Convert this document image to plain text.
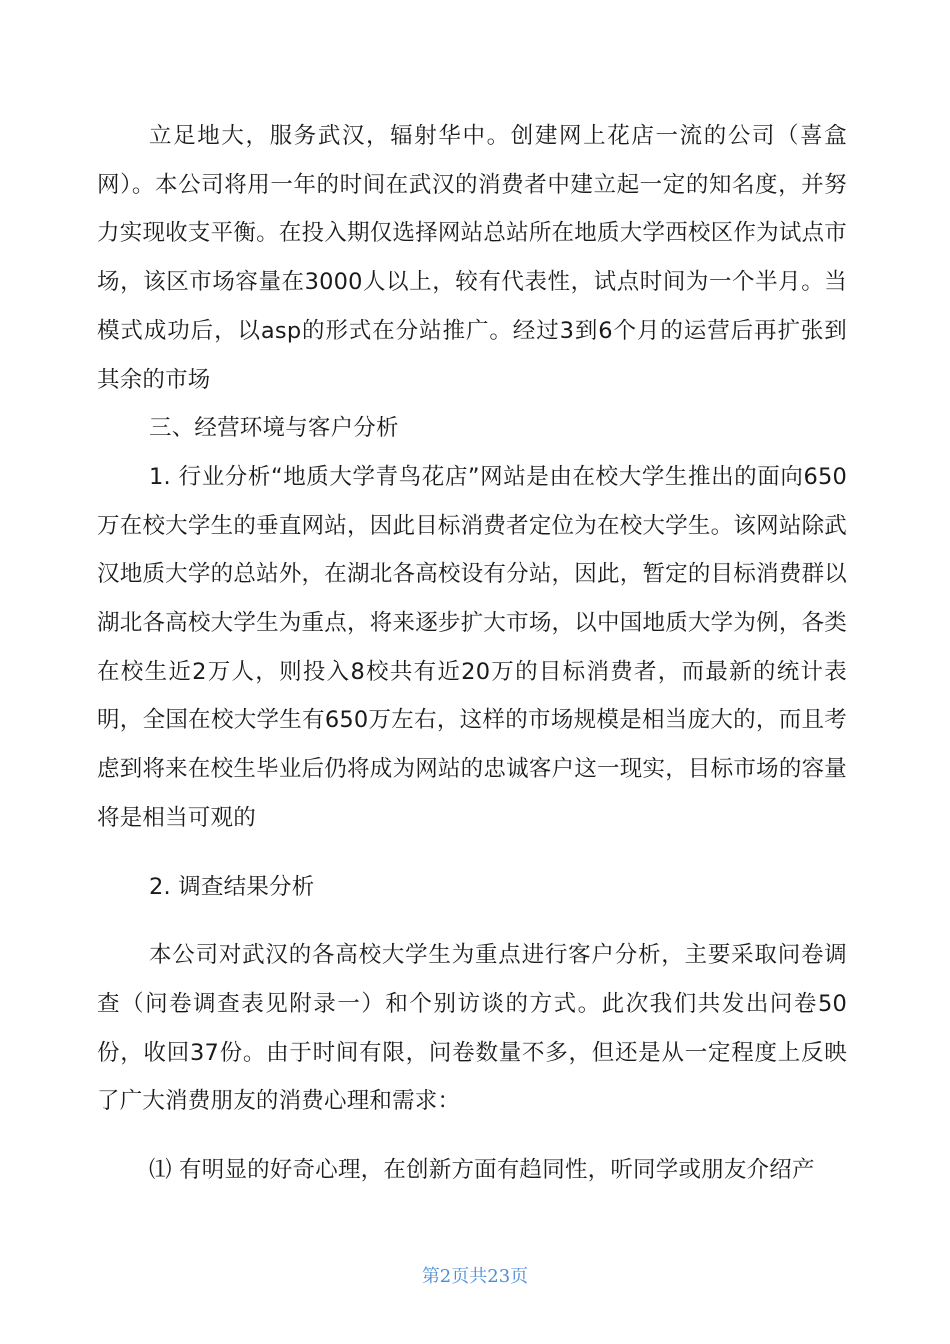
立足地大，服务武汉，辐射华中。创建网上花店一流的公司（喜盒网）。本公司将用一年的时间在武汉的消费者中建立起一定的知名度，并努力实现收支平衡。在投入期仅选择网站总站所在地质大学西校区作为试点市场，该区市场容量在3000人以上，较有代表性，试点时间为一个半月。当模式成功后，以asp的形式在分站推广。经过3到6个月的运营后再扩张到其余的市场

三、经营环境与客户分析

1. 行业分析“地质大学青鸟花店”网站是由在校大学生推出的面向650万在校大学生的垂直网站，因此目标消费者定位为在校大学生。该网站除武汉地质大学的总站外，在湖北各高校设有分站，因此，暂定的目标消费群以湖北各高校大学生为重点，将来逐步扩大市场，以中国地质大学为例，各类在校生近2万人，则投入8校共有近20万的目标消费者，而最新的统计表明，全国在校大学生有650万左右，这样的市场规模是相当庞大的，而且考虑到将来在校生毕业后仍将成为网站的忠诚客户这一现实，目标市场的容量将是相当可观的

2. 调查结果分析

本公司对武汉的各高校大学生为重点进行客户分析，主要采取问卷调查（问卷调查表见附录一）和个别访谈的方式。此次我们共发出问卷50份，收回37份。由于时间有限，问卷数量不多，但还是从一定程度上反映了广大消费朋友的消费心理和需求：

⑴ 有明显的好奇心理，在创新方面有趋同性，听同学或朋友介绍产

第2页共23页
